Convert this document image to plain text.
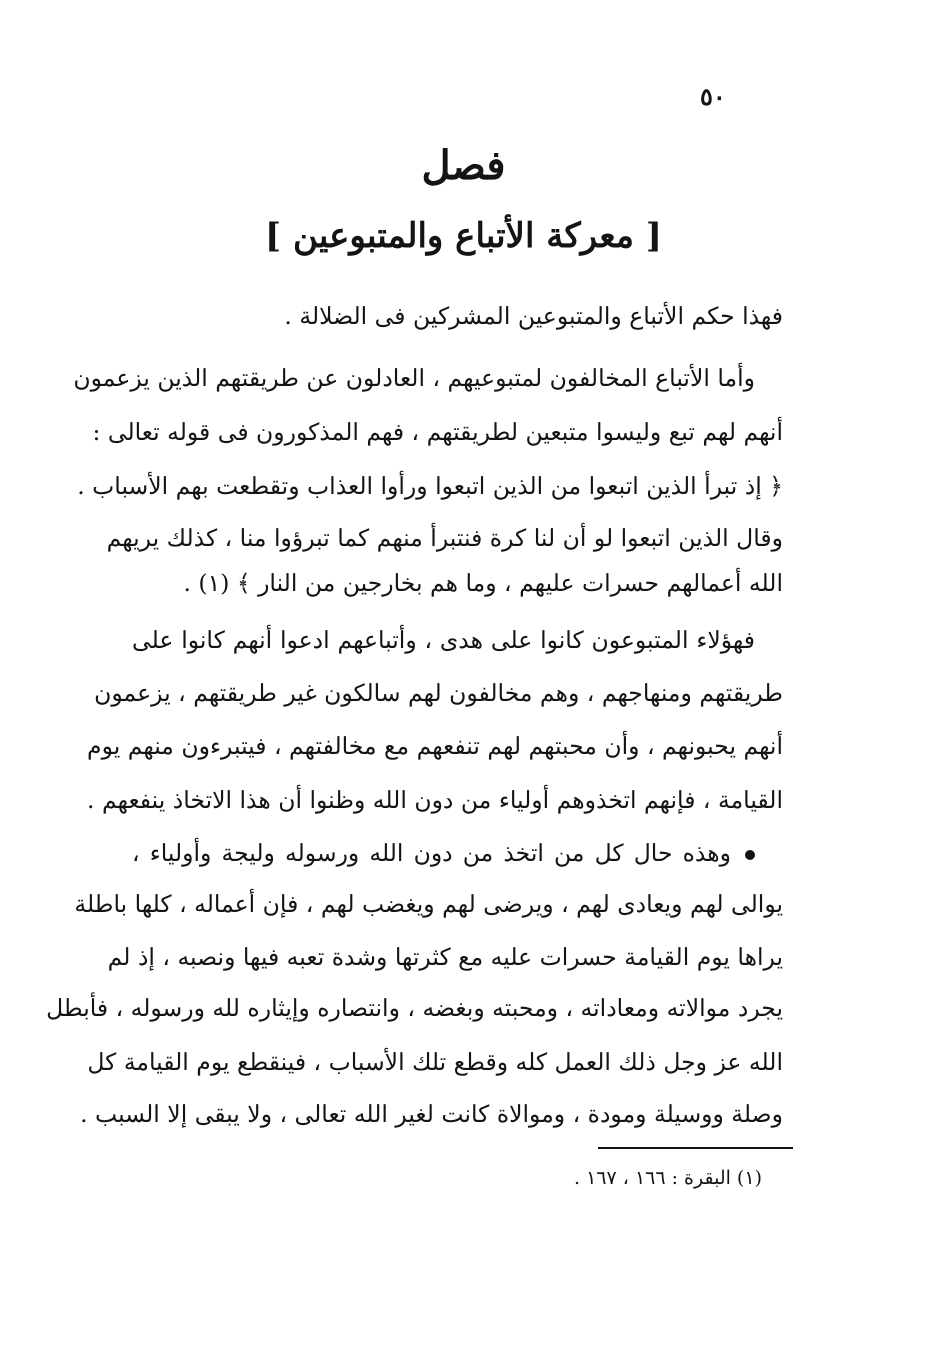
٥٠
فصل
[ معركة الأتباع والمتبوعين ]
فهذا حكم الأتباع والمتبوعين المشركين فى الضلالة .
وأما الأتباع المخالفون لمتبوعيهم ، العادلون عن طريقتهم الذين يزعمون
أنهم لهم تبع وليسوا متبعين لطريقتهم ، فهم المذكورون فى قوله تعالى :
﴿ إذ تبرأ الذين اتبعوا من الذين اتبعوا ورأوا العذاب وتقطعت بهم الأسباب .
وقال الذين اتبعوا لو أن لنا كرة فنتبرأ منهم كما تبرؤوا منا ، كذلك يريهم
الله أعمالهم حسرات عليهم ، وما هم بخارجين من النار ﴾ (١) .
فهؤلاء المتبوعون كانوا على هدى ، وأتباعهم ادعوا أنهم كانوا على
طريقتهم ومنهاجهم ، وهم مخالفون لهم سالكون غير طريقتهم ، يزعمون
أنهم يحبونهم ، وأن محبتهم لهم تنفعهم مع مخالفتهم ، فيتبرءون منهم يوم
القيامة ، فإنهم اتخذوهم أولياء من دون الله وظنوا أن هذا الاتخاذ ينفعهم .
وهذه حال كل من اتخذ من دون الله ورسوله وليجة وأولياء ،
يوالى لهم ويعادى لهم ، ويرضى لهم ويغضب لهم ، فإن أعماله ، كلها باطلة
يراها يوم القيامة حسرات عليه مع كثرتها وشدة تعبه فيها ونصبه ، إذ لم
يجرد موالاته ومعاداته ، ومحبته وبغضه ، وانتصاره وإيثاره لله ورسوله ، فأبطل
الله عز وجل ذلك العمل كله وقطع تلك الأسباب ، فينقطع يوم القيامة كل
وصلة ووسيلة ومودة ، وموالاة كانت لغير الله تعالى ، ولا يبقى إلا السبب .
(١) البقرة : ١٦٦ ، ١٦٧ .
